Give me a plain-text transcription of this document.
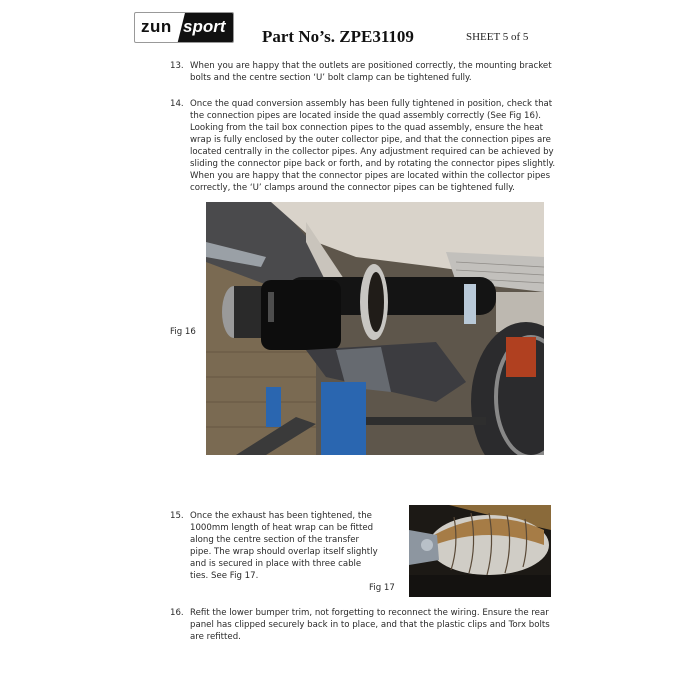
zun sport
Part No’s. ZPE31109	SHEET 5 of 5
13. When you are happy that the outlets are positioned correctly, the mounting bracket bolts and the centre section ‘U’ bolt clamp can be tightened fully.
14. Once the quad conversion assembly has been fully tightened in position, check that the connection pipes are located inside the quad assembly correctly (See Fig 16). Looking from the tail box connection pipes to the quad assembly, ensure the heat wrap is fully enclosed by the outer collector pipe, and that the connection pipes are located centrally in the collector pipes. Any adjustment required can be achieved by sliding the connector pipe back or forth, and by rotating the connector pipes slightly. When you are happy that the connector pipes are located within the collector pipes correctly, the ‘U’ clamps around the connector pipes can be tightened fully.
Fig 16
15. Once the exhaust has been tightened, the 1000mm length of heat wrap can be fitted along the centre section of the transfer pipe. The wrap should overlap itself slightly and is secured in place with three cable ties. See Fig 17.
Fig 17
16. Refit the lower bumper trim, not forgetting to reconnect the wiring. Ensure the rear panel has clipped securely back in to place, and that the plastic clips and Torx bolts are refitted.
